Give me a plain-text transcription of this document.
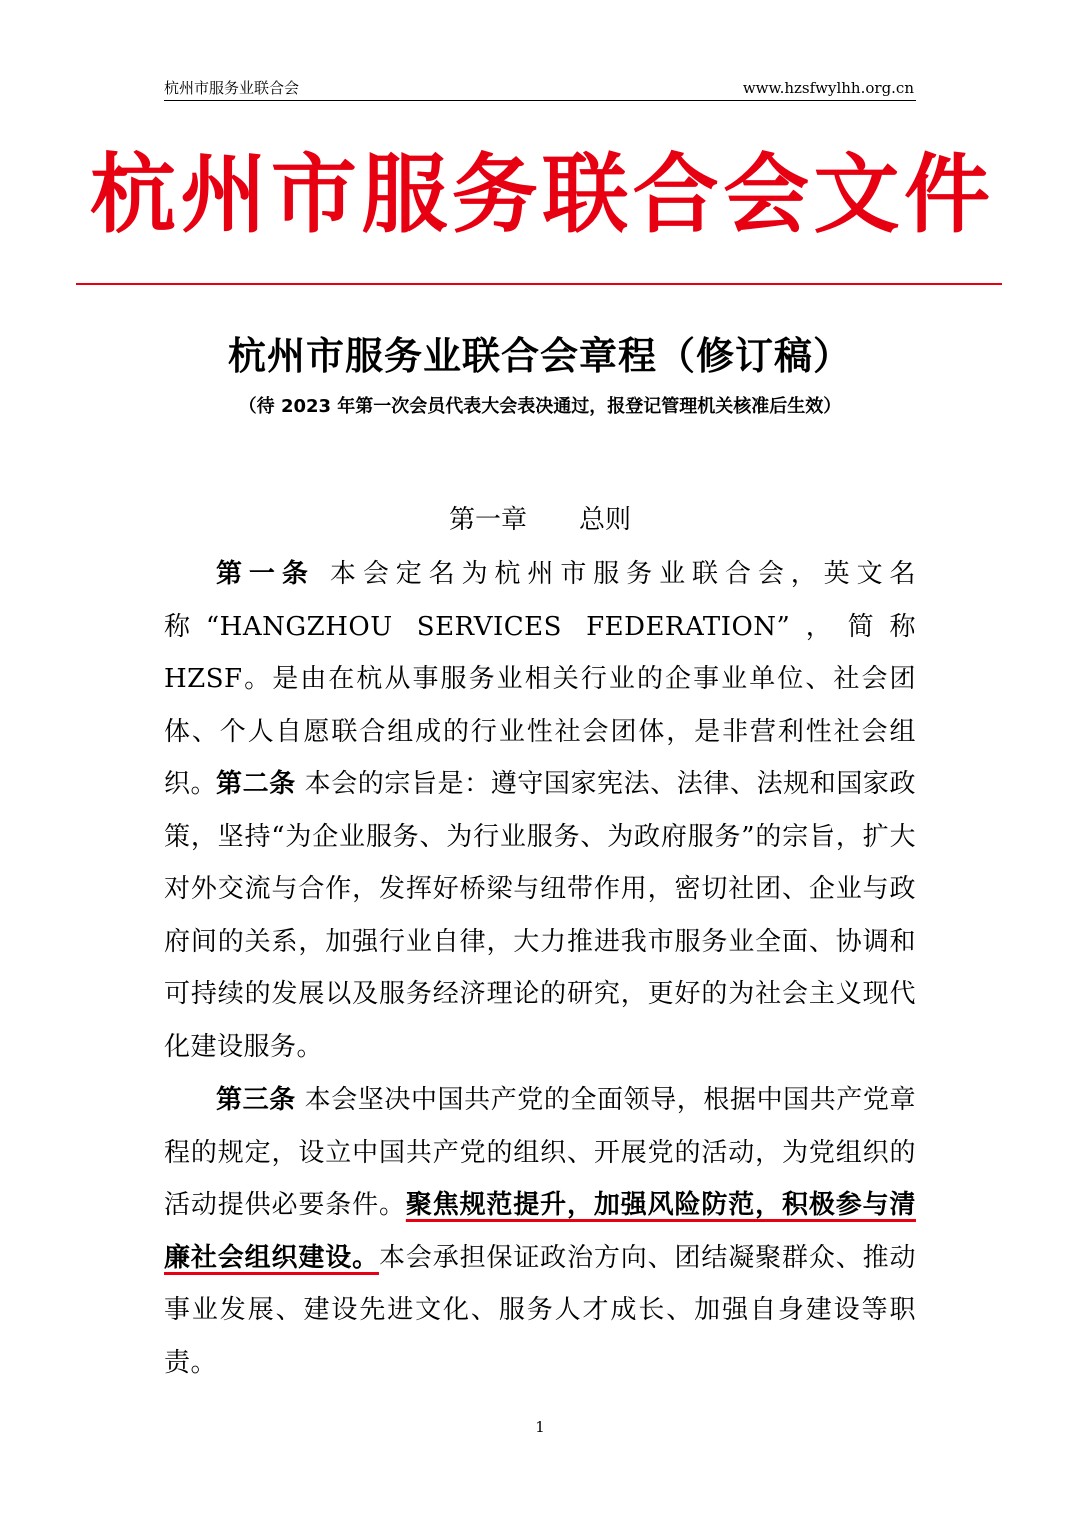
杭州市服务业联合会	www.hzsfwylhh.org.cn
杭 州 市 服 务 联 合 会 文 件
杭州市服务业联合会章程（修订稿）
（待 2023 年第一次会员代表大会表决通过，报登记管理机关核准后生效）
第一章　　总则

第一条 本会定名为杭州市服务业联合会，英文名称“HANGZHOU SERVICES FEDERATION”，简称 HZSF。是由在杭从事服务业相关行业的企事业单位、社会团体、个人自愿联合组成的行业性社会团体，是非营利性社会组织。

第二条 本会的宗旨是：遵守国家宪法、法律、法规和国家政策，坚持“为企业服务、为行业服务、为政府服务”的宗旨，扩大对外交流与合作，发挥好桥梁与纽带作用，密切社团、企业与政府间的关系，加强行业自律，大力推进我市服务业全面、协调和可持续的发展以及服务经济理论的研究，更好的为社会主义现代化建设服务。

第三条 本会坚决中国共产党的全面领导，根据中国共产党章程的规定，设立中国共产党的组织、开展党的活动，为党组织的活动提供必要条件。聚焦规范提升，加强风险防范，积极参与清廉社会组织建设。本会承担保证政治方向、团结凝聚群众、推动事业发展、建设先进文化、服务人才成长、加强自身建设等职责。

1
